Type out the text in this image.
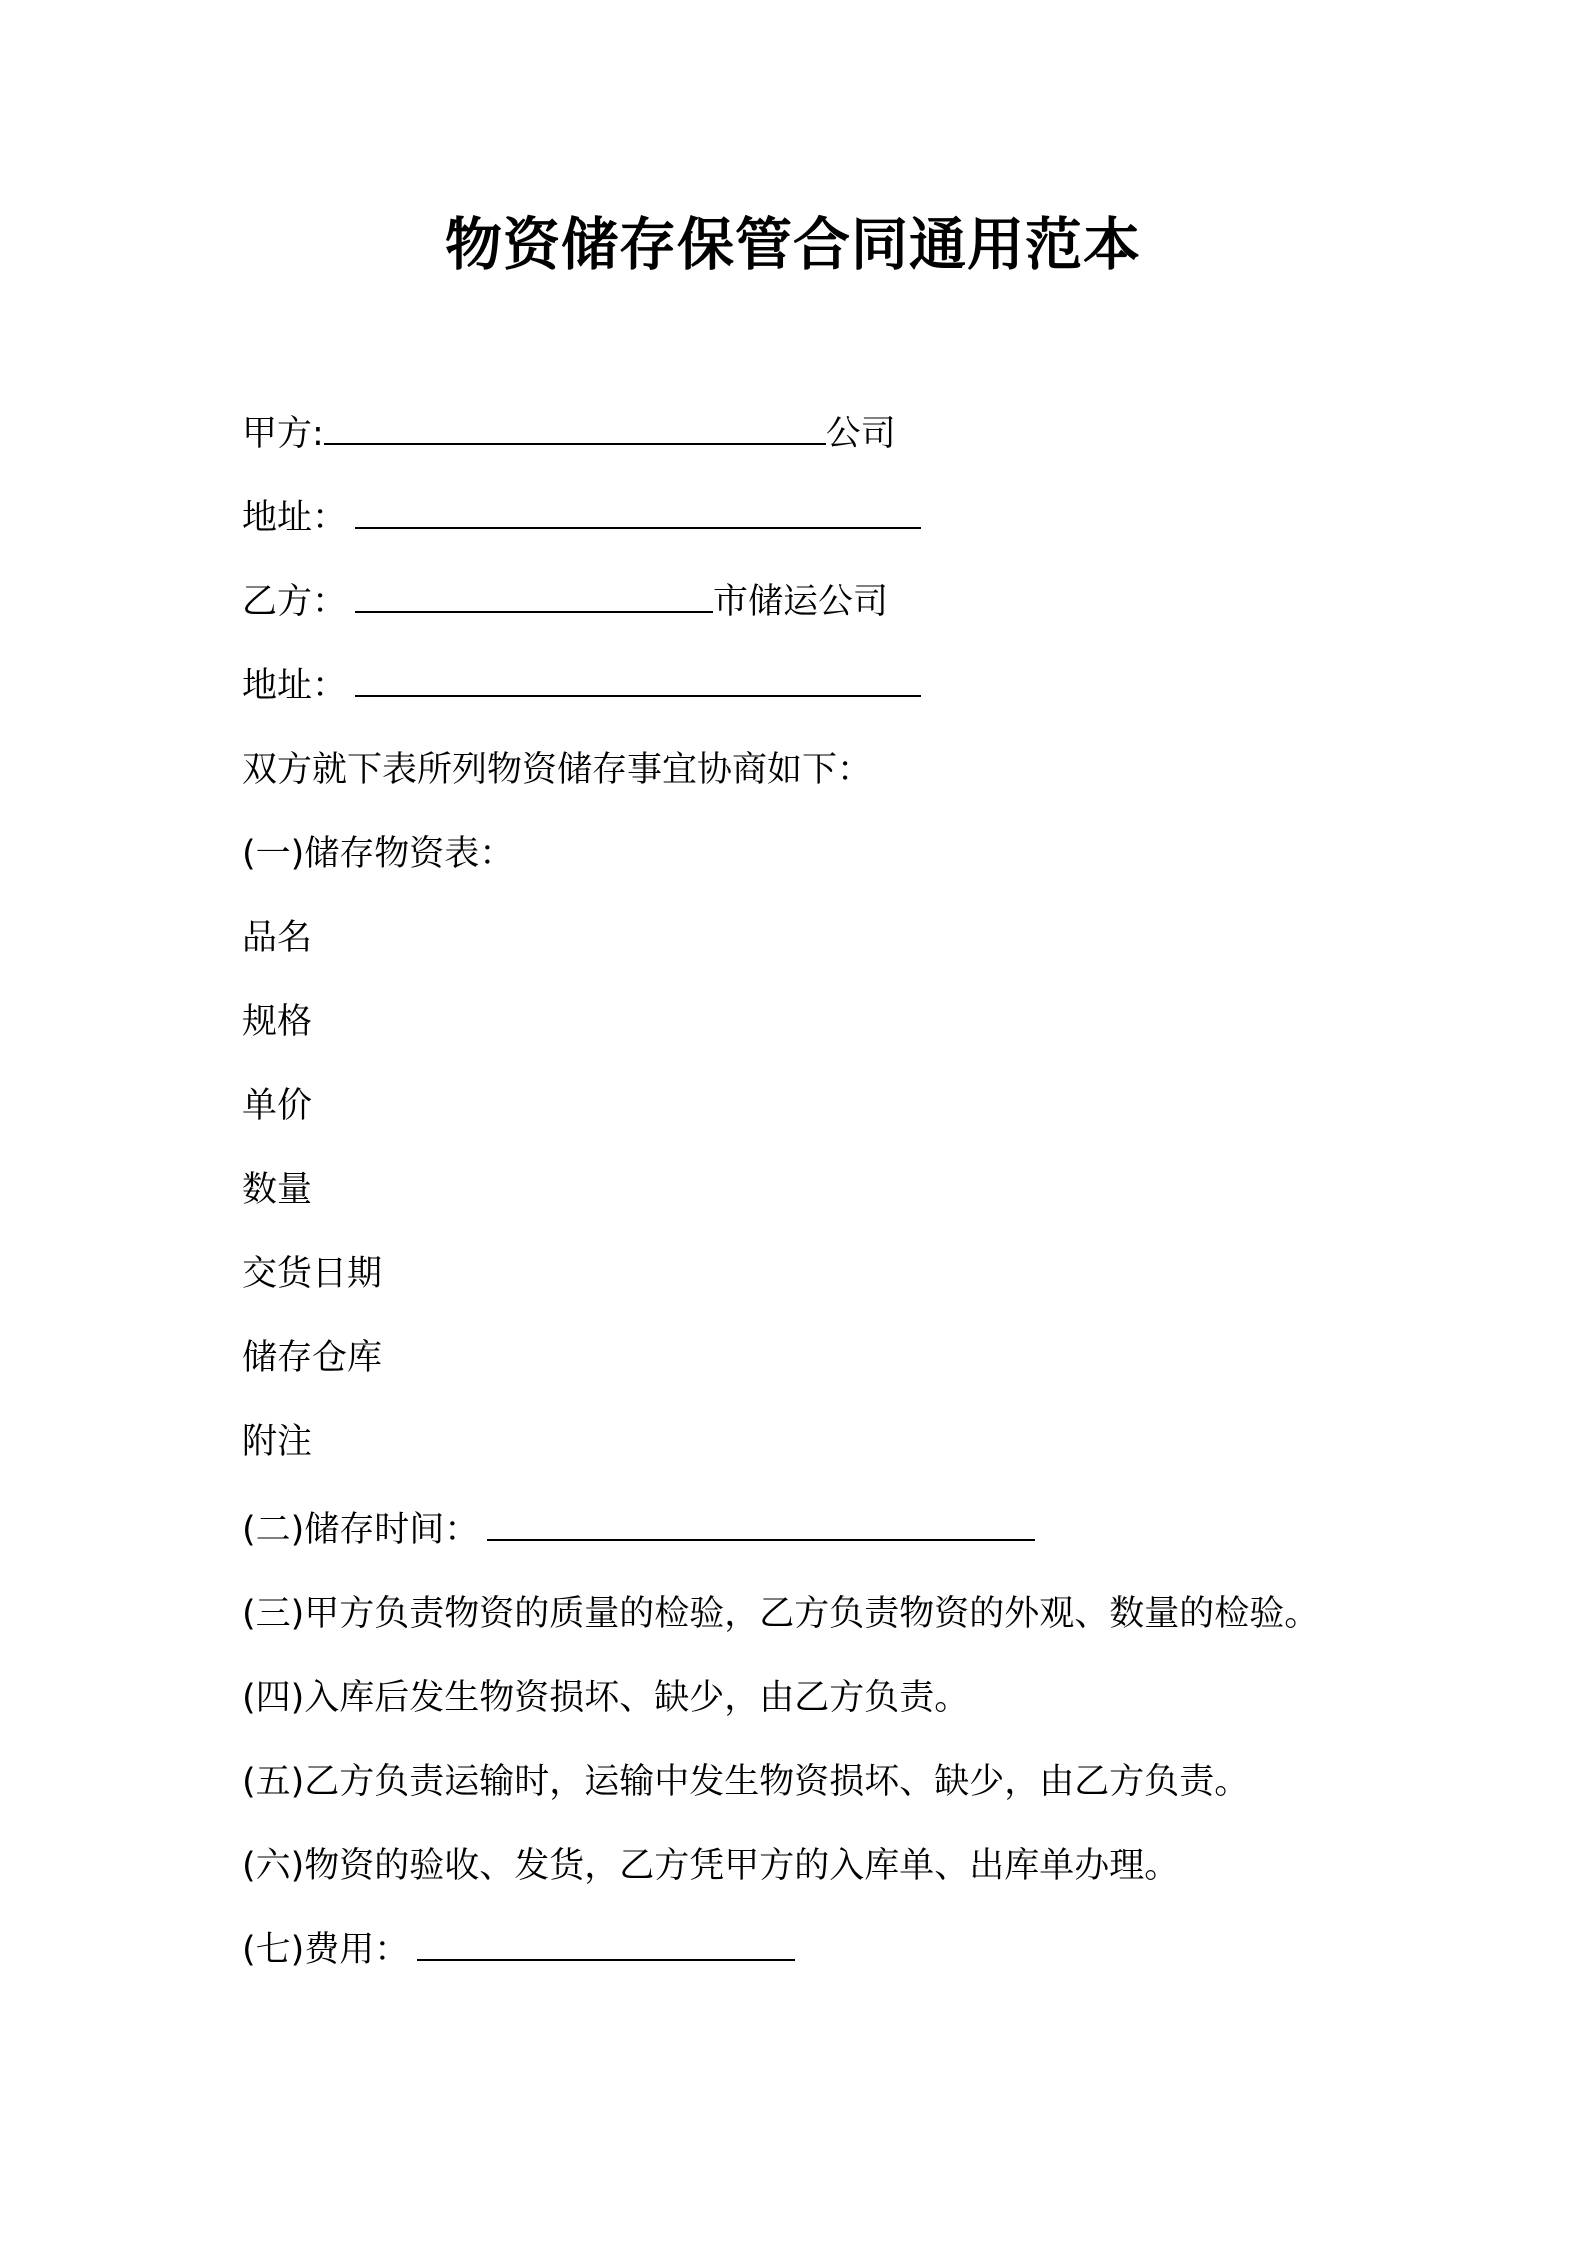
物资储存保管合同通用范本
甲方:	公司
地址：
乙方：	市储运公司
地址：
双方就下表所列物资储存事宜协商如下：
(一)储存物资表：
品名
规格
单价
数量
交货日期
储存仓库
附注
(二)储存时间：
(三)甲方负责物资的质量的检验，乙方负责物资的外观、数量的检验。
(四)入库后发生物资损坏、缺少，由乙方负责。
(五)乙方负责运输时，运输中发生物资损坏、缺少，由乙方负责。
(六)物资的验收、发货，乙方凭甲方的入库单、出库单办理。
(七)费用：
